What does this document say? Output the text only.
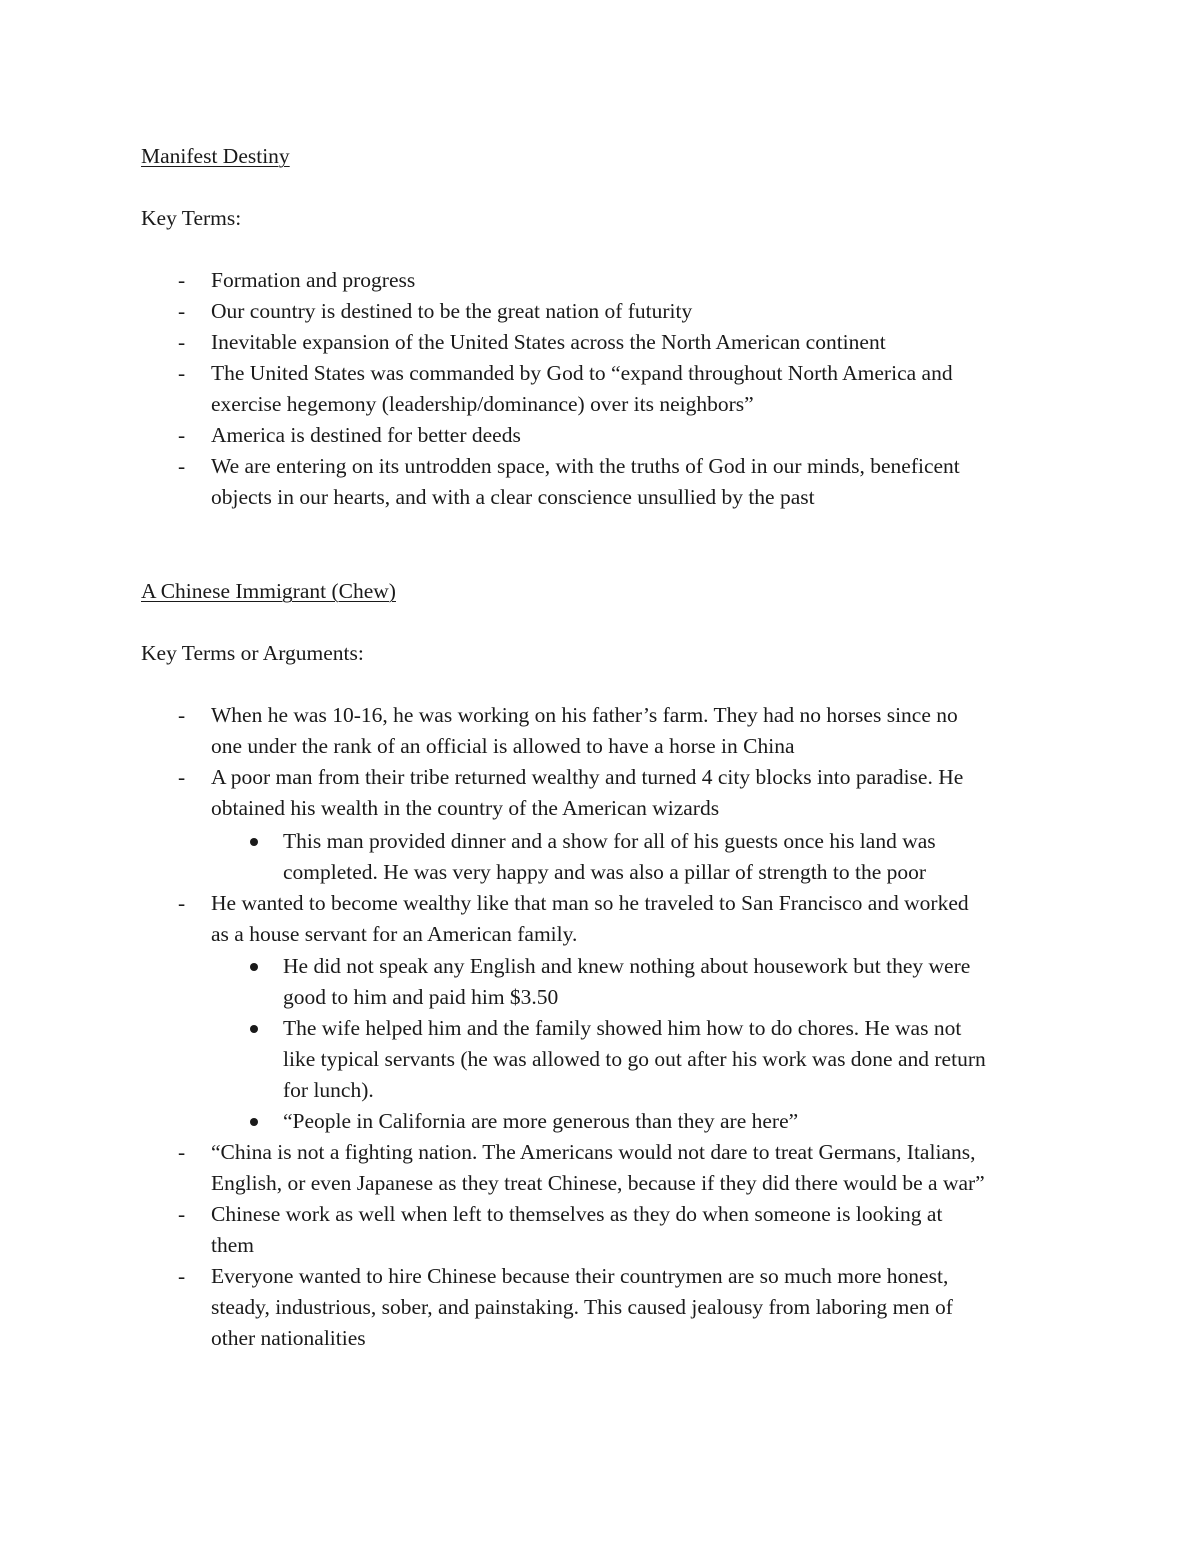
Manifest Destiny
Key Terms:
- Formation and progress
- Our country is destined to be the great nation of futurity
- Inevitable expansion of the United States across the North American continent
- The United States was commanded by God to “expand throughout North America and
exercise hegemony (leadership/dominance) over its neighbors”
- America is destined for better deeds
- We are entering on its untrodden space, with the truths of God in our minds, beneficent
objects in our hearts, and with a clear conscience unsullied by the past
A Chinese Immigrant (Chew)
Key Terms or Arguments:
- When he was 10-16, he was working on his father’s farm. They had no horses since no
one under the rank of an official is allowed to have a horse in China
- A poor man from their tribe returned wealthy and turned 4 city blocks into paradise. He
obtained his wealth in the country of the American wizards
This man provided dinner and a show for all of his guests once his land was
completed. He was very happy and was also a pillar of strength to the poor
- He wanted to become wealthy like that man so he traveled to San Francisco and worked
as a house servant for an American family.
He did not speak any English and knew nothing about housework but they were
good to him and paid him $3.50
The wife helped him and the family showed him how to do chores. He was not
like typical servants (he was allowed to go out after his work was done and return
for lunch).
“People in California are more generous than they are here”
- “China is not a fighting nation. The Americans would not dare to treat Germans, Italians,
English, or even Japanese as they treat Chinese, because if they did there would be a war”
- Chinese work as well when left to themselves as they do when someone is looking at
them
- Everyone wanted to hire Chinese because their countrymen are so much more honest,
steady, industrious, sober, and painstaking. This caused jealousy from laboring men of
other nationalities
